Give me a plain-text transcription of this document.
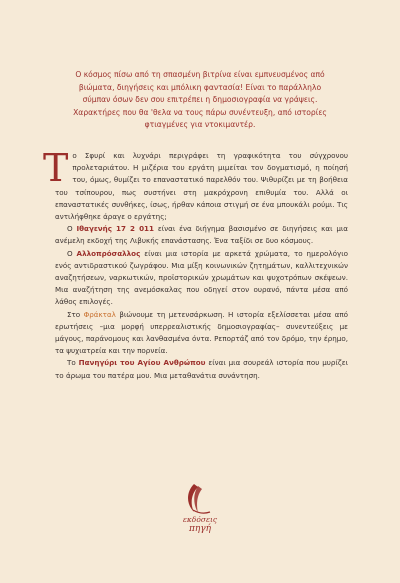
Ο κόσμος πίσω από τη σπασμένη βιτρίνα είναι εμπνευσμένος από
βιώματα, διηγήσεις και μπόλικη φαντασία! Είναι το παράλληλο
σύμπαν όσων δεν σου επιτρέπει η δημοσιογραφία να γράψεις.
Χαρακτήρες που θα 'θελα να τους πάρω συνέντευξη, από ιστορίες
φτιαγμένες για ντοκιμαντέρ.

Το Σφυρί και λυχνάρι περιγράφει τη γραφικότητα του σύγχρονου προλεταριάτου. Η μιζέρια του εργάτη μιμείται τον δογματισμό, η ποίησή του, όμως, θυμίζει το επαναστατικό παρελθόν του. Ψιθυρίζει με τη βοήθεια του τσίπουρου, πως συστήνει στη μακρόχρονη επιθυμία του. Αλλά οι επαναστατικές συνθήκες, ίσως, ήρθαν κάποια στιγμή σε ένα μπουκάλι ρούμι. Τις αντιλήφθηκε άραγε ο εργάτης;

Ο Ιθαγενής 17 2 011 είναι ένα διήγημα βασισμένο σε διηγήσεις και μια ανέμελη εκδοχή της Λιβυκής επανάστασης. Ένα ταξίδι σε δυο κόσμους.

Ο Αλλοπρόσαλλος είναι μια ιστορία με αρκετά χρώματα, το ημερολόγιο ενός αντιδραστικού ζωγράφου. Μια μίξη κοινωνικών ζητημάτων, καλλιτεχνικών αναζητήσεων, ναρκωτικών, προϊστορικών χρωμάτων και ψυχοτρόπων σκέψεων. Μια αναζήτηση της ανεμόσκαλας που οδηγεί στον ουρανό, πάντα μέσα από λάθος επιλογές.

Στο Φράκταλ βιώνουμε τη μετενσάρκωση. Η ιστορία εξελίσσεται μέσα από ερωτήσεις –μια μορφή υπερρεαλιστικής δημοσιογραφίας– συνεντεύξεις με μάγους, παράνομους και λανθασμένα όντα. Ρεπορτάζ από τον δρόμο, την έρημο, τα ψυχιατρεία και την πορνεία.

Το Πανηγύρι του Αγίου Ανθρώπου είναι μια σουρεάλ ιστορία που μυρίζει το άρωμα του πατέρα μου. Μια μεταθανάτια συνάντηση.

εκδόσεις
πηγή
